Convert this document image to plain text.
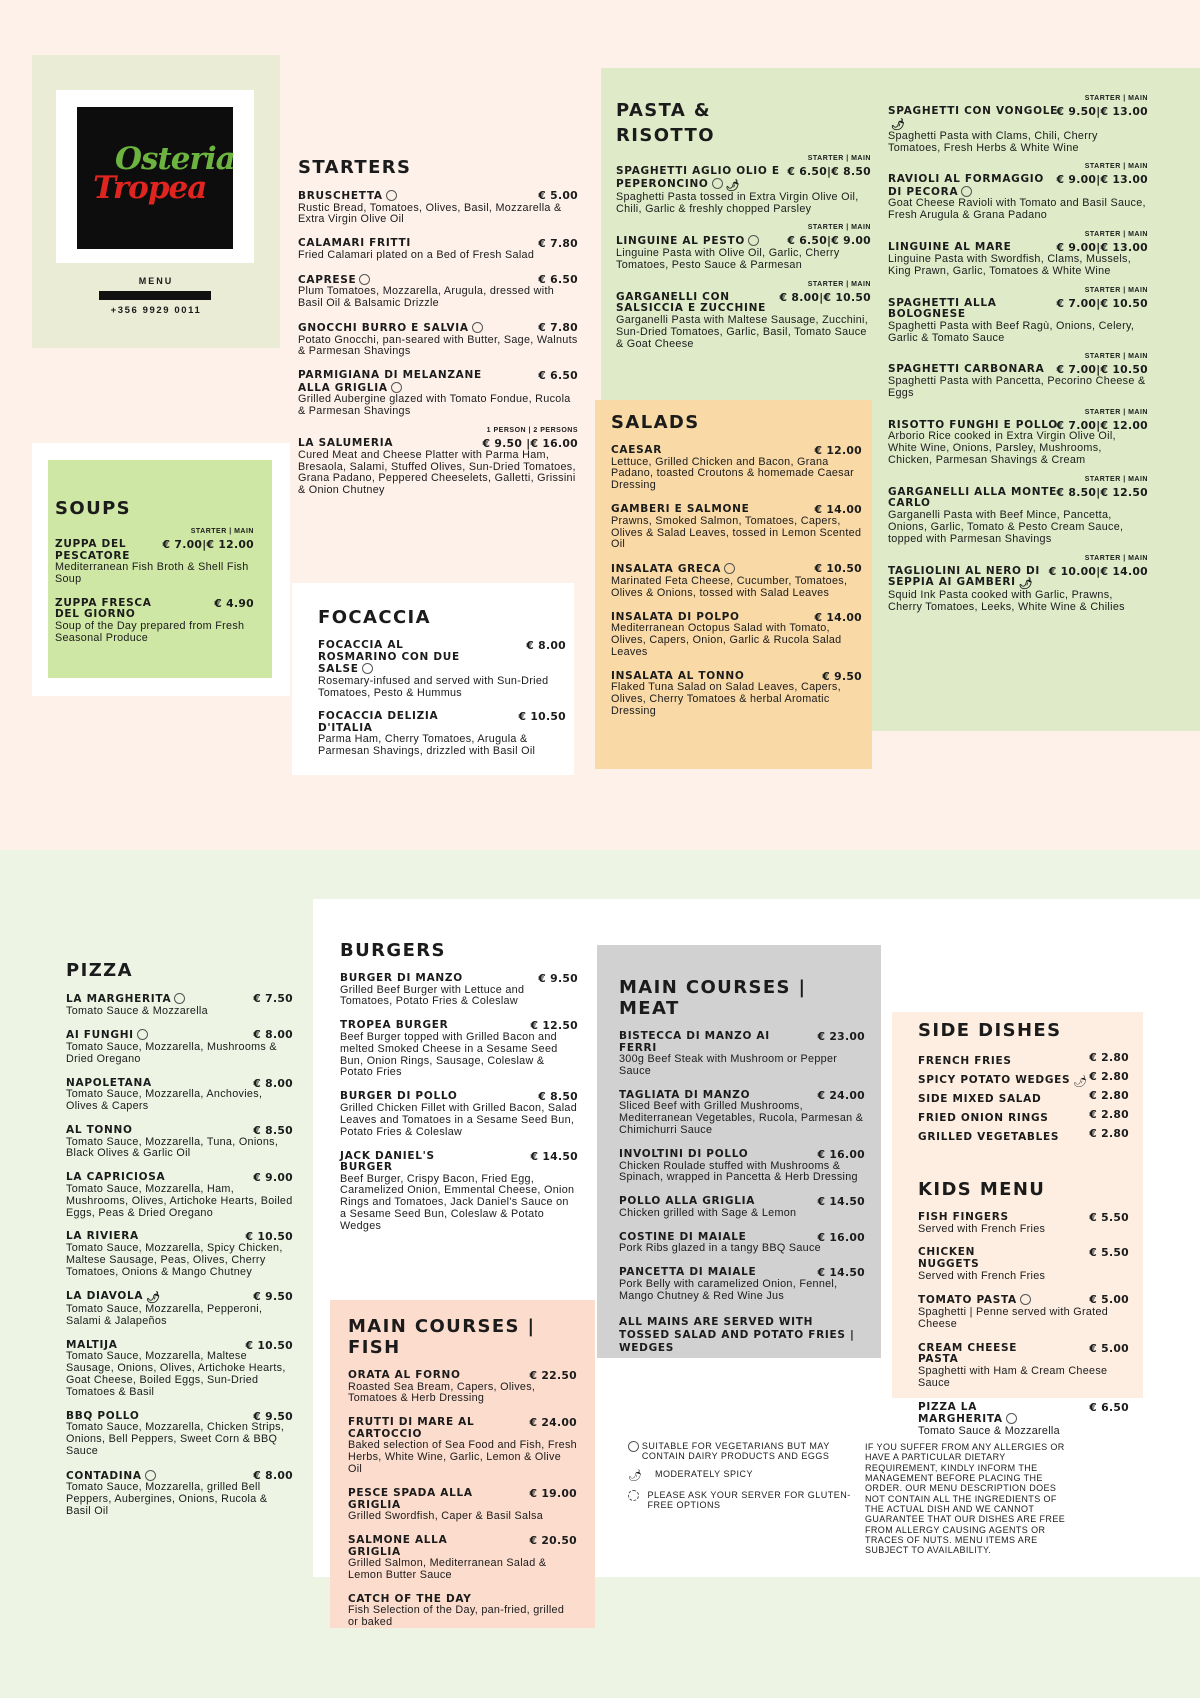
Osteria
Tropea
MENU
+356 9929 0011
STARTERS
€ 5.00
BRUSCHETTA
Rustic Bread, Tomatoes, Olives, Basil, Mozzarella & Extra Virgin Olive Oil
€ 7.80
CALAMARI FRITTI
Fried Calamari plated on a Bed of Fresh Salad
€ 6.50
CAPRESE
Plum Tomatoes, Mozzarella, Arugula, dressed with Basil Oil & Balsamic Drizzle
€ 7.80
GNOCCHI BURRO E SALVIA
Potato Gnocchi, pan-seared with Butter, Sage, Walnuts & Parmesan Shavings
€ 6.50
PARMIGIANA DI MELANZANE ALLA GRIGLIA
Grilled Aubergine glazed with Tomato Fondue, Rucola & Parmesan Shavings
1 PERSON | 2 PERSONS
€ 9.50 |€ 16.00
LA SALUMERIA
Cured Meat and Cheese Platter with Parma Ham, Bresaola, Salami, Stuffed Olives, Sun-Dried Tomatoes, Grana Padano, Peppered Cheeselets, Galletti, Grissini & Onion Chutney
SOUPS
STARTER | MAIN
€ 7.00|€ 12.00
ZUPPA DEL PESCATORE
Mediterranean Fish Broth & Shell Fish Soup
€ 4.90
ZUPPA FRESCA DEL GIORNO
Soup of the Day prepared from Fresh Seasonal Produce
FOCACCIA
€ 8.00
FOCACCIA AL ROSMARINO CON DUE SALSE
Rosemary-infused and served with Sun-Dried Tomatoes, Pesto & Hummus
€ 10.50
FOCACCIA DELIZIA D'ITALIA
Parma Ham, Cherry Tomatoes, Arugula & Parmesan Shavings, drizzled with Basil Oil
PASTA &
RISOTTO
STARTER | MAIN
€ 6.50|€ 8.50
SPAGHETTI AGLIO OLIO E PEPERONCINO 🌶
Spaghetti Pasta tossed in Extra Virgin Olive Oil, Chili, Garlic & freshly chopped Parsley
STARTER | MAIN
€ 6.50|€ 9.00
LINGUINE AL PESTO
Linguine Pasta with Olive Oil, Garlic, Cherry Tomatoes, Pesto Sauce & Parmesan
STARTER | MAIN
€ 8.00|€ 10.50
GARGANELLI CON SALSICCIA E ZUCCHINE
Garganelli Pasta with Maltese Sausage, Zucchini, Sun-Dried Tomatoes, Garlic, Basil, Tomato Sauce & Goat Cheese
STARTER | MAIN
€ 9.50|€ 13.00
SPAGHETTI CON VONGOLE🌶
Spaghetti Pasta with Clams, Chili, Cherry Tomatoes, Fresh Herbs & White Wine
STARTER | MAIN
€ 9.00|€ 13.00
RAVIOLI AL FORMAGGIO DI PECORA
Goat Cheese Ravioli with Tomato and Basil Sauce, Fresh Arugula & Grana Padano
STARTER | MAIN
€ 9.00|€ 13.00
LINGUINE AL MARE
Linguine Pasta with Swordfish, Clams, Mussels, King Prawn, Garlic, Tomatoes & White Wine
STARTER | MAIN
€ 7.00|€ 10.50
SPAGHETTI ALLA BOLOGNESE
Spaghetti Pasta with Beef Ragù, Onions, Celery, Garlic & Tomato Sauce
STARTER | MAIN
€ 7.00|€ 10.50
SPAGHETTI CARBONARA
Spaghetti Pasta with Pancetta, Pecorino Cheese & Eggs
STARTER | MAIN
€ 7.00|€ 12.00
RISOTTO FUNGHI E POLLO
Arborio Rice cooked in Extra Virgin Olive Oil, White Wine, Onions, Parsley, Mushrooms, Chicken, Parmesan Shavings & Cream
STARTER | MAIN
€ 8.50|€ 12.50
GARGANELLI ALLA MONTE CARLO
Garganelli Pasta with Beef Mince, Pancetta, Onions, Garlic, Tomato & Pesto Cream Sauce, topped with Parmesan Shavings
STARTER | MAIN
€ 10.00|€ 14.00
TAGLIOLINI AL NERO DI SEPPIA AI GAMBERI 🌶
Squid Ink Pasta cooked with Garlic, Prawns, Cherry Tomatoes, Leeks, White Wine & Chilies
SALADS
€ 12.00
CAESAR
Lettuce, Grilled Chicken and Bacon, Grana Padano, toasted Croutons & homemade Caesar Dressing
€ 14.00
GAMBERI E SALMONE
Prawns, Smoked Salmon, Tomatoes, Capers, Olives & Salad Leaves, tossed in Lemon Scented Oil
€ 10.50
INSALATA GRECA
Marinated Feta Cheese, Cucumber, Tomatoes, Olives & Onions, tossed with Salad Leaves
€ 14.00
INSALATA DI POLPO
Mediterranean Octopus Salad with Tomato, Olives, Capers, Onion, Garlic & Rucola Salad Leaves
€ 9.50
INSALATA AL TONNO
Flaked Tuna Salad on Salad Leaves, Capers, Olives, Cherry Tomatoes & herbal Aromatic Dressing
PIZZA
€ 7.50
LA MARGHERITA
Tomato Sauce & Mozzarella
€ 8.00
AI FUNGHI
Tomato Sauce, Mozzarella, Mushrooms & Dried Oregano
€ 8.00
NAPOLETANA
Tomato Sauce, Mozzarella, Anchovies, Olives & Capers
€ 8.50
AL TONNO
Tomato Sauce, Mozzarella, Tuna, Onions, Black Olives & Garlic Oil
€ 9.00
LA CAPRICIOSA
Tomato Sauce, Mozzarella, Ham, Mushrooms, Olives, Artichoke Hearts, Boiled Eggs, Peas & Dried Oregano
€ 10.50
LA RIVIERA
Tomato Sauce, Mozzarella, Spicy Chicken, Maltese Sausage, Peas, Olives, Cherry Tomatoes, Onions & Mango Chutney
€ 9.50
LA DIAVOLA 🌶
Tomato Sauce, Mozzarella, Pepperoni, Salami & Jalapeños
€ 10.50
MALTIJA
Tomato Sauce, Mozzarella, Maltese Sausage, Onions, Olives, Artichoke Hearts, Goat Cheese, Boiled Eggs, Sun-Dried Tomatoes & Basil
€ 9.50
BBQ POLLO
Tomato Sauce, Mozzarella, Chicken Strips, Onions, Bell Peppers, Sweet Corn & BBQ Sauce
€ 8.00
CONTADINA
Tomato Sauce, Mozzarella, grilled Bell Peppers, Aubergines, Onions, Rucola & Basil Oil
BURGERS
€ 9.50
BURGER DI MANZO
Grilled Beef Burger with Lettuce and Tomatoes, Potato Fries & Coleslaw
€ 12.50
TROPEA BURGER
Beef Burger topped with Grilled Bacon and melted Smoked Cheese in a Sesame Seed Bun, Onion Rings, Sausage, Coleslaw & Potato Fries
€ 8.50
BURGER DI POLLO
Grilled Chicken Fillet with Grilled Bacon, Salad Leaves and Tomatoes in a Sesame Seed Bun, Potato Fries & Coleslaw
€ 14.50
JACK DANIEL'S BURGER
Beef Burger, Crispy Bacon, Fried Egg, Caramelized Onion, Emmental Cheese, Onion Rings and Tomatoes, Jack Daniel's Sauce on a Sesame Seed Bun, Coleslaw & Potato Wedges
MAIN COURSES | FISH
€ 22.50
ORATA AL FORNO
Roasted Sea Bream, Capers, Olives, Tomatoes & Herb Dressing
€ 24.00
FRUTTI DI MARE AL CARTOCCIO
Baked selection of Sea Food and Fish, Fresh Herbs, White Wine, Garlic, Lemon & Olive Oil
€ 19.00
PESCE SPADA ALLA GRIGLIA
Grilled Swordfish, Caper & Basil Salsa
€ 20.50
SALMONE ALLA GRIGLIA
Grilled Salmon, Mediterranean Salad & Lemon Butter Sauce
CATCH OF THE DAY
Fish Selection of the Day, pan-fried, grilled or baked
MAIN COURSES | MEAT
€ 23.00
BISTECCA DI MANZO AI FERRI
300g Beef Steak with Mushroom or Pepper Sauce
€ 24.00
TAGLIATA DI MANZO
Sliced Beef with Grilled Mushrooms, Mediterranean Vegetables, Rucola, Parmesan & Chimichurri Sauce
€ 16.00
INVOLTINI DI POLLO
Chicken Roulade stuffed with Mushrooms & Spinach, wrapped in Pancetta & Herb Dressing
€ 14.50
POLLO ALLA GRIGLIA
Chicken grilled with Sage & Lemon
€ 16.00
COSTINE DI MAIALE
Pork Ribs glazed in a tangy BBQ Sauce
€ 14.50
PANCETTA DI MAIALE
Pork Belly with caramelized Onion, Fennel, Mango Chutney & Red Wine Jus
ALL MAINS ARE SERVED WITH TOSSED SALAD AND POTATO FRIES | WEDGES
SIDE DISHES
FRENCH FRIES	€ 2.80
SPICY POTATO WEDGES 🌶 € 2.80
SIDE MIXED SALAD	€ 2.80
FRIED ONION RINGS	€ 2.80
GRILLED VEGETABLES	€ 2.80
KIDS MENU
€ 5.50
FISH FINGERS
Served with French Fries
€ 5.50
CHICKEN NUGGETS
Served with French Fries
€ 5.00
TOMATO PASTA
Spaghetti | Penne served with Grated Cheese
€ 5.00
CREAM CHEESE PASTA
Spaghetti with Ham & Cream Cheese Sauce
€ 6.50
PIZZA LA MARGHERITA
Tomato Sauce & Mozzarella
SUITABLE FOR VEGETARIANS BUT MAY CONTAIN DAIRY PRODUCTS AND EGGS
🌶	MODERATELY SPICY
PLEASE ASK YOUR SERVER FOR GLUTEN-FREE OPTIONS
IF YOU SUFFER FROM ANY ALLERGIES OR HAVE A PARTICULAR DIETARY REQUIREMENT, KINDLY INFORM THE MANAGEMENT BEFORE PLACING THE ORDER. OUR MENU DESCRIPTION DOES NOT CONTAIN ALL THE INGREDIENTS OF THE ACTUAL DISH AND WE CANNOT GUARANTEE THAT OUR DISHES ARE FREE FROM ALLERGY CAUSING AGENTS OR TRACES OF NUTS. MENU ITEMS ARE SUBJECT TO AVAILABILITY.
